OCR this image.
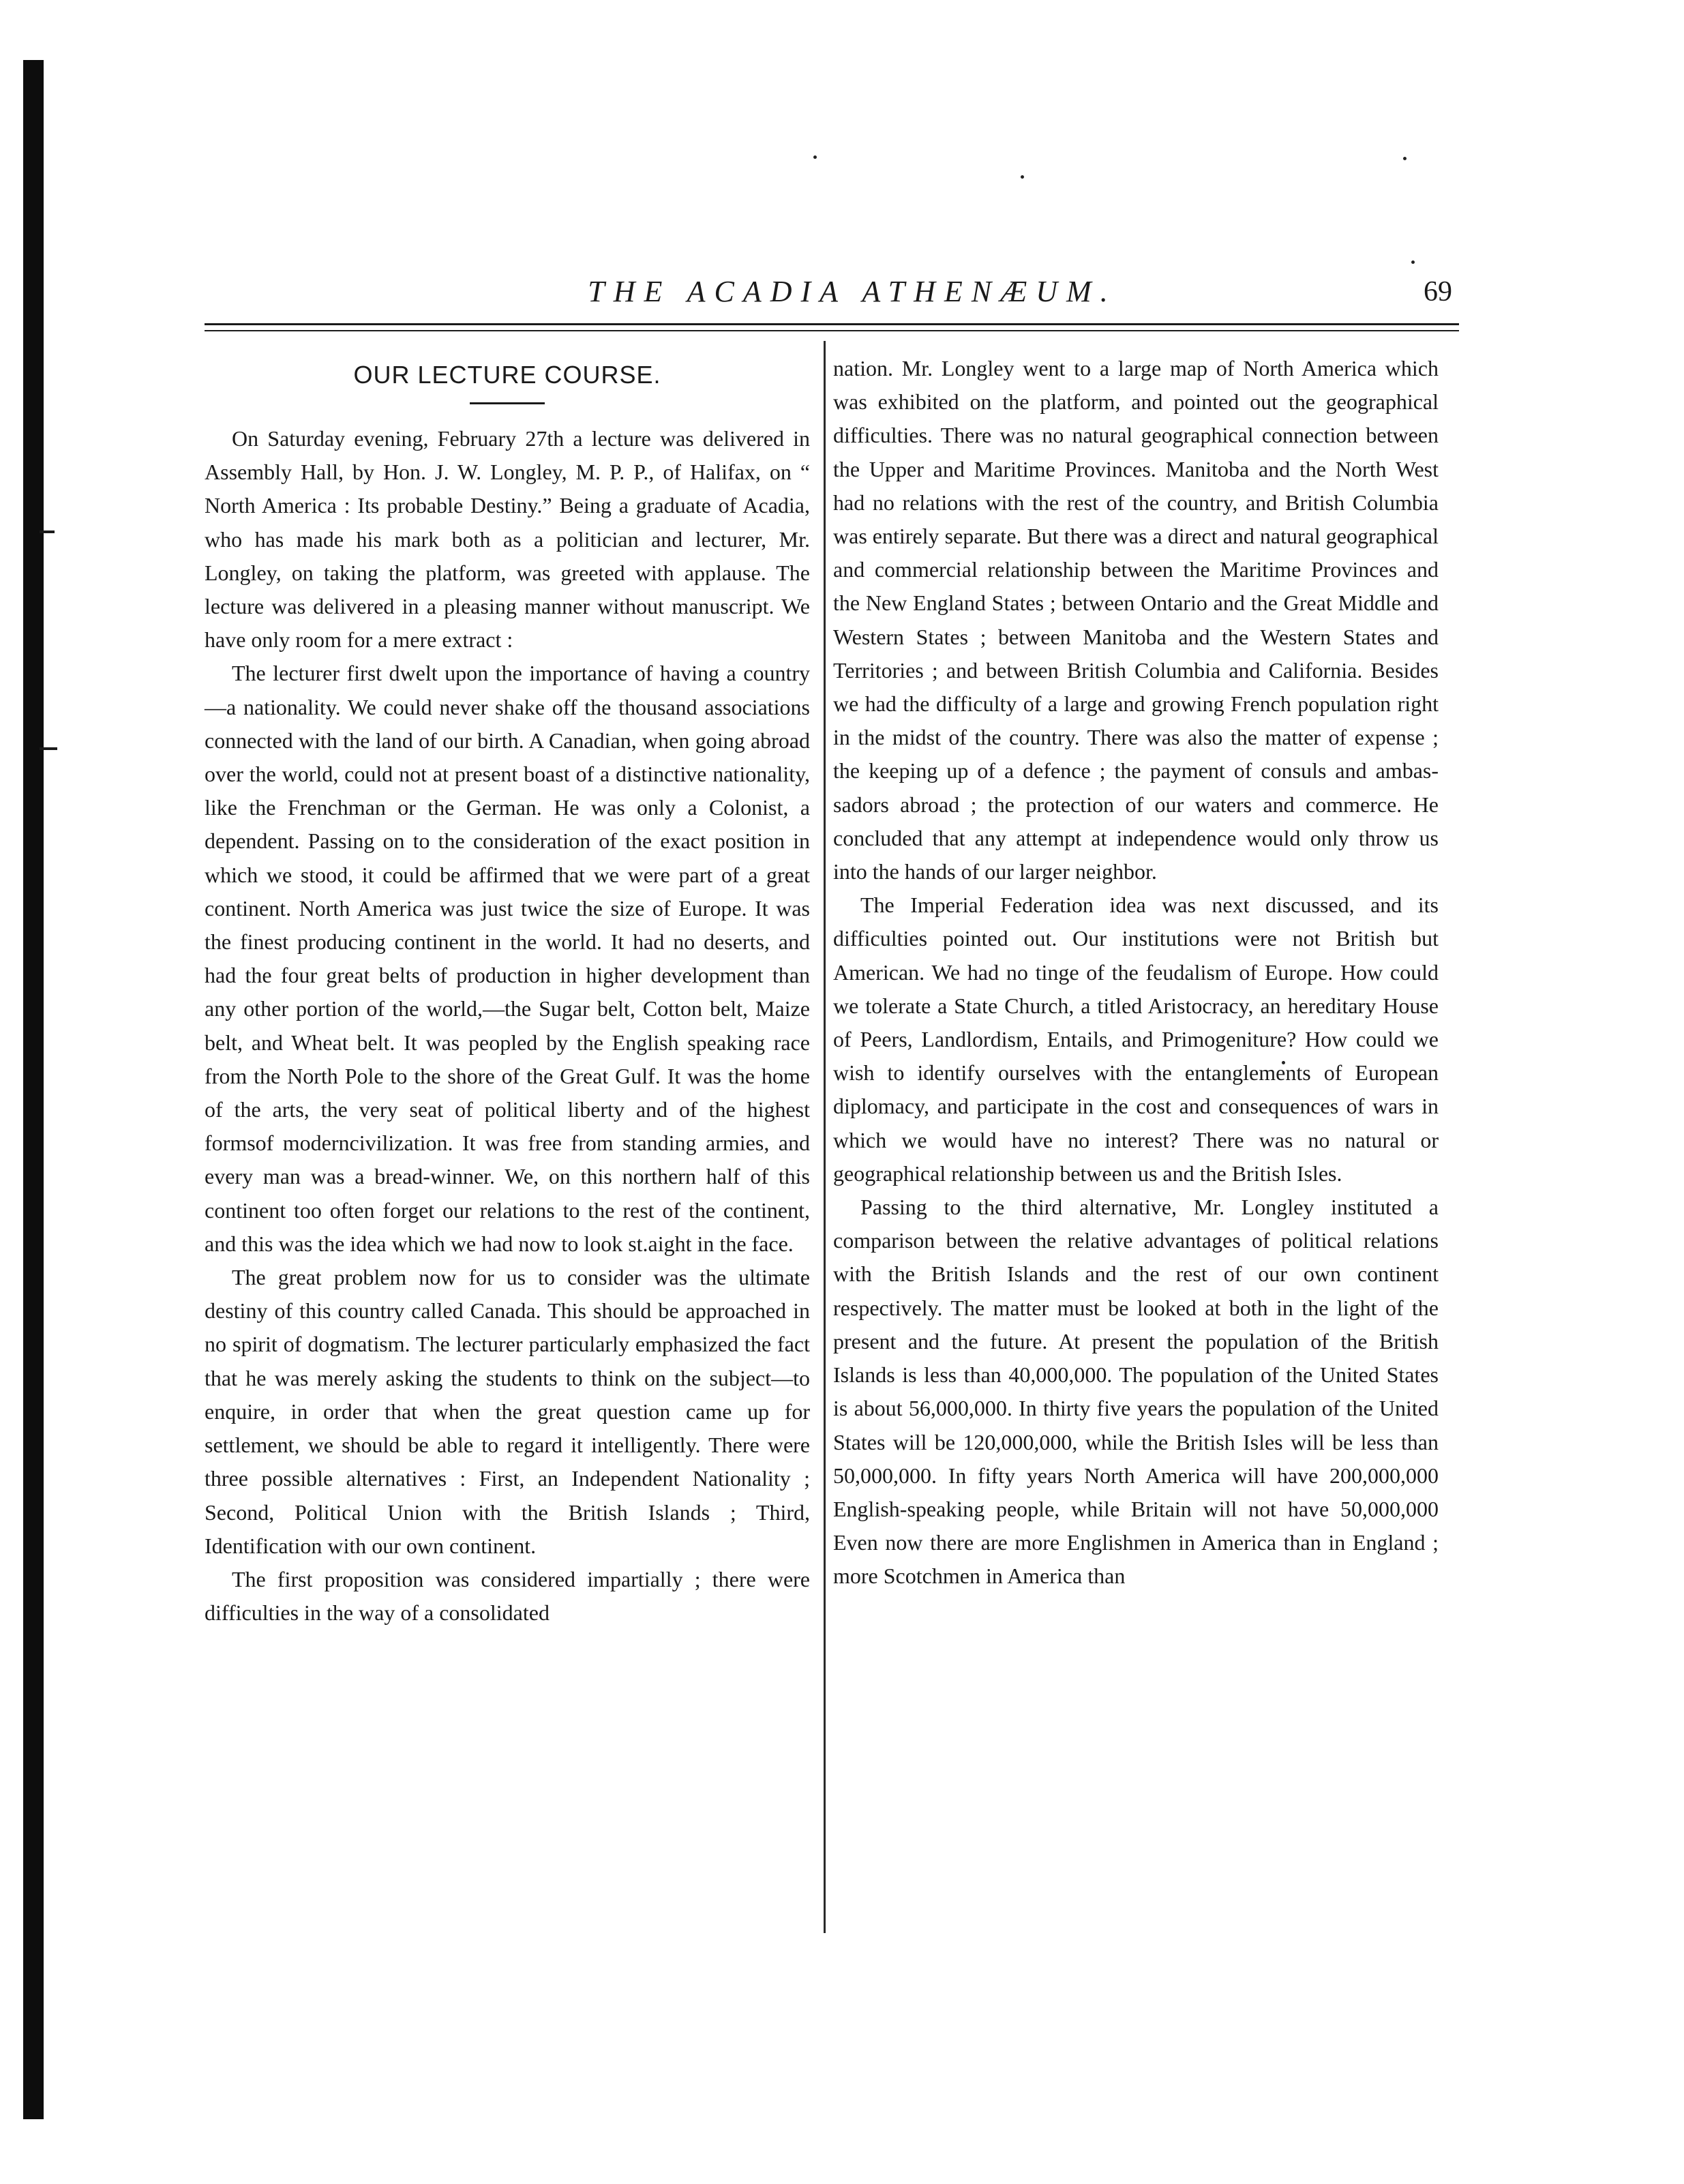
THE ACADIA ATHENÆUM.	69
OUR LECTURE COURSE.

On Saturday evening, February 27th a lecture was delivered in Assembly Hall, by Hon. J. W. Longley, M. P. P., of Halifax, on “ North America : Its probable Destiny.” Being a graduate of Acadia, who has made his mark both as a politician and lecturer, Mr. Longley, on taking the platform, was greeted with applause. The lecture was delivered in a pleasing manner without manuscript. We have only room for a mere extract :

The lecturer first dwelt upon the importance of having a country—a nationality. We could never shake off the thousand associations connected with the land of our birth. A Canadian, when going abroad over the world, could not at present boast of a distinctive nationality, like the Frenchman or the German. He was only a Colonist, a dependent. Passing on to the consideration of the exact position in which we stood, it could be affirmed that we were part of a great continent. North America was just twice the size of Europe. It was the finest producing continent in the world. It had no deserts, and had the four great belts of production in higher development than any other portion of the world,—the Sugar belt, Cotton belt, Maize belt, and Wheat belt. It was peopled by the English speaking race from the North Pole to the shore of the Great Gulf. It was the home of the arts, the very seat of political liberty and of the highest formsof moderncivilization. It was free from standing armies, and every man was a bread-winner. We, on this northern half of this continent too often forget our relations to the rest of the continent, and this was the idea which we had now to look st.aight in the face.

The great problem now for us to consider was the ultimate destiny of this country called Canada. This should be approached in no spirit of dogmatism. The lecturer particularly emphasized the fact that he was merely asking the students to think on the subject—to enquire, in order that when the great question came up for settlement, we should be able to regard it intelligently. There were three possible alternatives : First, an Independent Nationality ; Second, Political Union with the British Islands ; Third, Identification with our own continent.

The first proposition was considered impartially ; there were difficulties in the way of a consolidated

nation. Mr. Longley went to a large map of North America which was exhibited on the platform, and pointed out the geographical difficulties. There was no natural geographical connection between the Upper and Maritime Provinces. Manitoba and the North West had no relations with the rest of the country, and British Columbia was entirely separate. But there was a direct and natural geographical and commercial relationship between the Maritime Provinces and the New England States ; between Ontario and the Great Middle and Western States ; between Manitoba and the Western States and Territories ; and between British Columbia and California. Besides we had the difficulty of a large and growing French population right in the midst of the country. There was also the matter of expense ; the keeping up of a defence ; the payment of consuls and ambassadors abroad ; the protection of our waters and commerce. He concluded that any attempt at independence would only throw us into the hands of our larger neighbor.

The Imperial Federation idea was next discussed, and its difficulties pointed out. Our institutions were not British but American. We had no tinge of the feudalism of Europe. How could we tolerate a State Church, a titled Aristocracy, an hereditary House of Peers, Landlordism, Entails, and Primogeniture? How could we wish to identify ourselves with the entanglements of European diplomacy, and participate in the cost and consequences of wars in which we would have no interest? There was no natural or geographical relationship between us and the British Isles.

Passing to the third alternative, Mr. Longley instituted a comparison between the relative advantages of political relations with the British Islands and the rest of our own continent respectively. The matter must be looked at both in the light of the present and the future. At present the population of the British Islands is less than 40,000,000. The population of the United States is about 56,000,000. In thirty five years the population of the United States will be 120,000,000, while the British Isles will be less than 50,000,000. In fifty years North America will have 200,000,000 English-speaking people, while Britain will not have 50,000,000 Even now there are more Englishmen in America than in England ; more Scotchmen in America than
